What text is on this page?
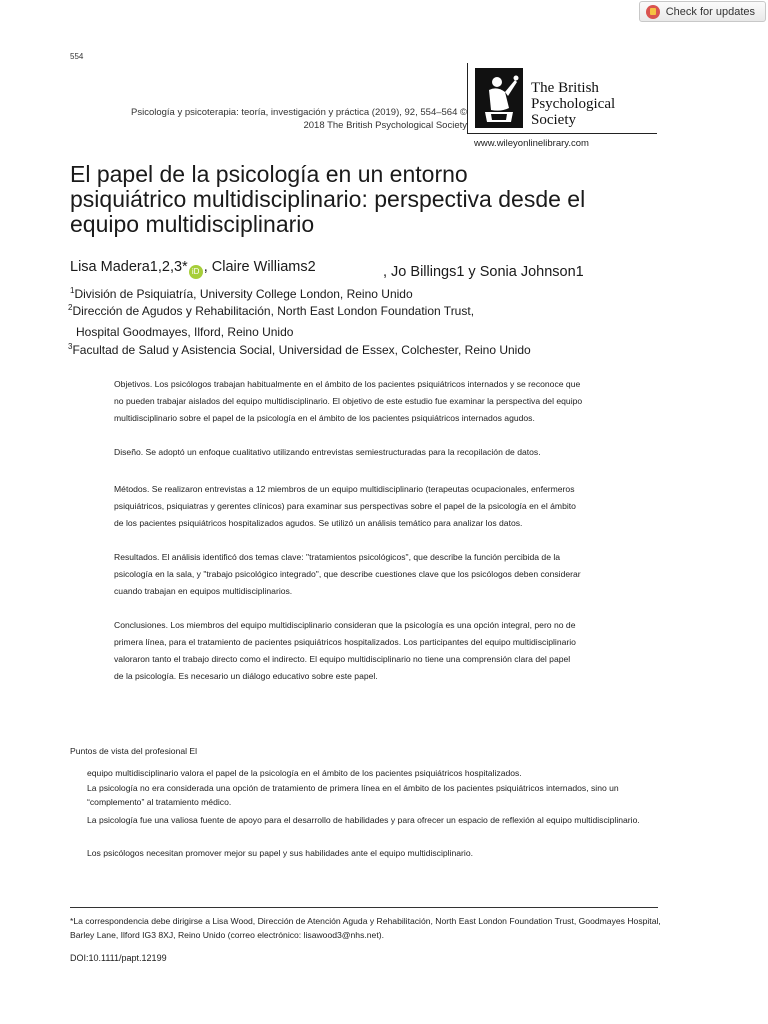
Check for updates
554
Psicología y psicoterapia: teoría, investigación y práctica (2019), 92, 554–564 ©
2018 The British Psychological Society
The British
Psychological Society
www.wileyonlinelibrary.com
El papel de la psicología en un entorno
psiquiátrico multidisciplinario: perspectiva desde el
equipo multidisciplinario
Lisa Madera1,2,3* iD , Claire Williams2	, Jo Billings1 y Sonia Johnson1
$^1$División de Psiquiatría, University College London, Reino Unido
$^2$Dirección de Agudos y Rehabilitación, North East London Foundation Trust,
Hospital Goodmayes, Ilford, Reino Unido
$^3$Facultad de Salud y Asistencia Social, Universidad de Essex, Colchester, Reino Unido

Objetivos. Los psicólogos trabajan habitualmente en el ámbito de los pacientes psiquiátricos internados y se reconoce que

no pueden trabajar aislados del equipo multidisciplinario. El objetivo de este estudio fue examinar la perspectiva del equipo

multidisciplinario sobre el papel de la psicología en el ámbito de los pacientes psiquiátricos internados agudos.

Diseño. Se adoptó un enfoque cualitativo utilizando entrevistas semiestructuradas para la recopilación de datos.

Métodos. Se realizaron entrevistas a 12 miembros de un equipo multidisciplinario (terapeutas ocupacionales, enfermeros

psiquiátricos, psiquiatras y gerentes clínicos) para examinar sus perspectivas sobre el papel de la psicología en el ámbito

de los pacientes psiquiátricos hospitalizados agudos. Se utilizó un análisis temático para analizar los datos.

Resultados. El análisis identificó dos temas clave: "tratamientos psicológicos", que describe la función percibida de la

psicología en la sala, y "trabajo psicológico integrado", que describe cuestiones clave que los psicólogos deben considerar

cuando trabajan en equipos multidisciplinarios.

Conclusiones. Los miembros del equipo multidisciplinario consideran que la psicología es una opción integral, pero no de

primera línea, para el tratamiento de pacientes psiquiátricos hospitalizados. Los participantes del equipo multidisciplinario

valoraron tanto el trabajo directo como el indirecto. El equipo multidisciplinario no tiene una comprensión clara del papel

de la psicología. Es necesario un diálogo educativo sobre este papel.

Puntos de vista del profesional El
equipo multidisciplinario valora el papel de la psicología en el ámbito de los pacientes psiquiátricos hospitalizados.
La psicología no era considerada una opción de tratamiento de primera línea en el ámbito de los pacientes psiquiátricos internados, sino un “complemento” al tratamiento médico.
La psicología fue una valiosa fuente de apoyo para el desarrollo de habilidades y para ofrecer un espacio de reflexión al equipo multidisciplinario.
Los psicólogos necesitan promover mejor su papel y sus habilidades ante el equipo multidisciplinario.
*La correspondencia debe dirigirse a Lisa Wood, Dirección de Atención Aguda y Rehabilitación, North East London Foundation Trust, Goodmayes Hospital, Barley Lane, Ilford IG3 8XJ, Reino Unido (correo electrónico: lisawood3@nhs.net).
DOI:10.1111/papt.12199
